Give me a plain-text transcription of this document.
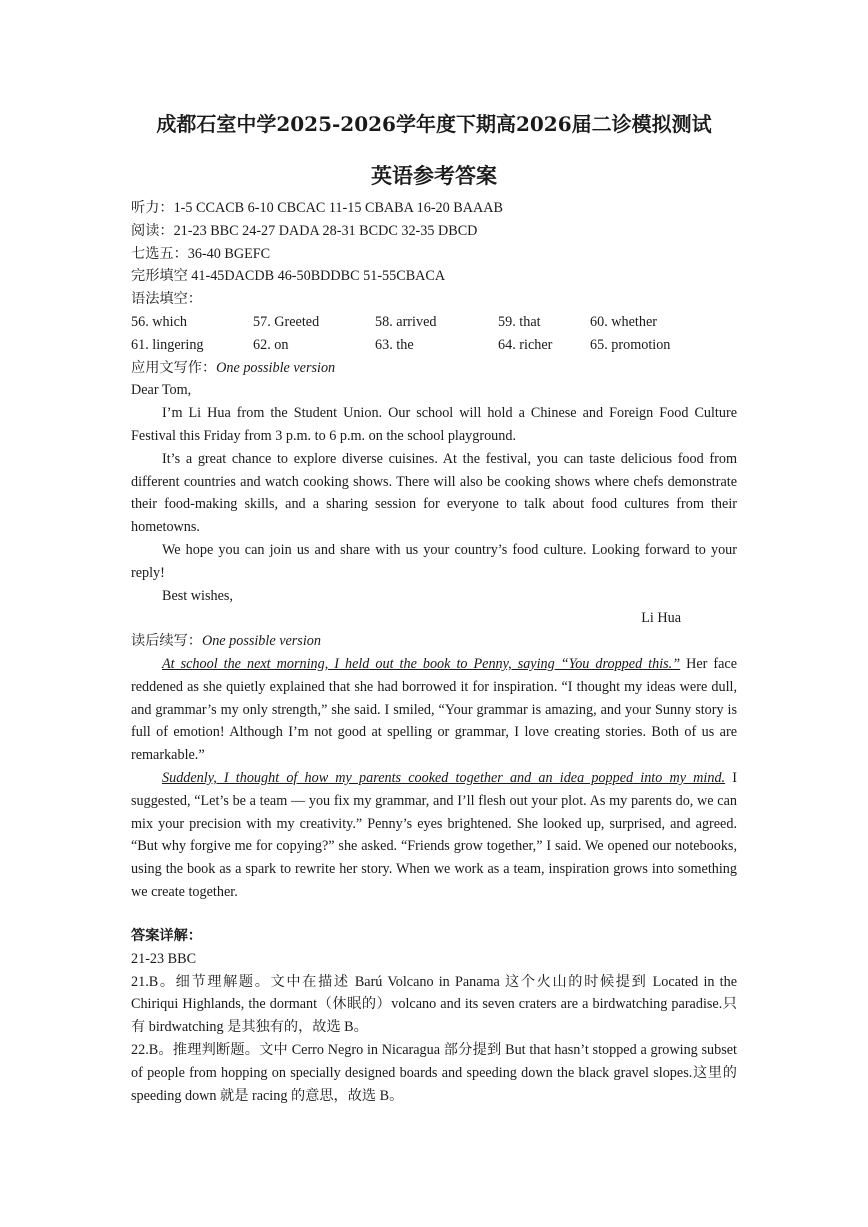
成都石室中学2025-2026学年度下期高2026届二诊模拟测试
英语参考答案
听力：1-5 CCACB 6-10 CBCAC 11-15 CBABA 16-20 BAAAB
阅读：21-23 BBC 24-27 DADA 28-31 BCDC 32-35 DBCD
七选五：36-40 BGEFC
完形填空 41-45DACDB 46-50BDDBC 51-55CBACA
语法填空：
56. which	57. Greeted	58. arrived	59. that	60. whether
61. lingering	62. on	63. the	64. richer	65. promotion
应用文写作：One possible version
Dear Tom,
I’m Li Hua from the Student Union. Our school will hold a Chinese and Foreign Food Culture Festival this Friday from 3 p.m. to 6 p.m. on the school playground.
It’s a great chance to explore diverse cuisines. At the festival, you can taste delicious food from different countries and watch cooking shows. There will also be cooking shows where chefs demonstrate their food-making skills, and a sharing session for everyone to talk about food cultures from their hometowns.
We hope you can join us and share with us your country’s food culture. Looking forward to your reply!
Best wishes,
Li Hua
读后续写：One possible version
At school the next morning, I held out the book to Penny, saying “You dropped this.” Her face reddened as she quietly explained that she had borrowed it for inspiration. “I thought my ideas were dull, and grammar’s my only strength,” she said. I smiled, “Your grammar is amazing, and your Sunny story is full of emotion! Although I’m not good at spelling or grammar, I love creating stories. Both of us are remarkable.”
Suddenly, I thought of how my parents cooked together and an idea popped into my mind. I suggested, “Let’s be a team — you fix my grammar, and I’ll flesh out your plot. As my parents do, we can mix your precision with my creativity.” Penny’s eyes brightened. She looked up, surprised, and agreed. “But why forgive me for copying?” she asked. “Friends grow together,” I said. We opened our notebooks, using the book as a spark to rewrite her story. When we work as a team, inspiration grows into something we create together.
答案详解：
21-23 BBC
21.B。细节理解题。文中在描述 Barú Volcano in Panama 这个火山的时候提到 Located in the Chiriqui Highlands, the dormant（休眠的）volcano and its seven craters are a birdwatching paradise.只有 birdwatching 是其独有的，故选 B。
22.B。推理判断题。文中 Cerro Negro in Nicaragua 部分提到 But that hasn’t stopped a growing subset of people from hopping on specially designed boards and speeding down the black gravel slopes.这里的 speeding down 就是 racing 的意思，故选 B。
